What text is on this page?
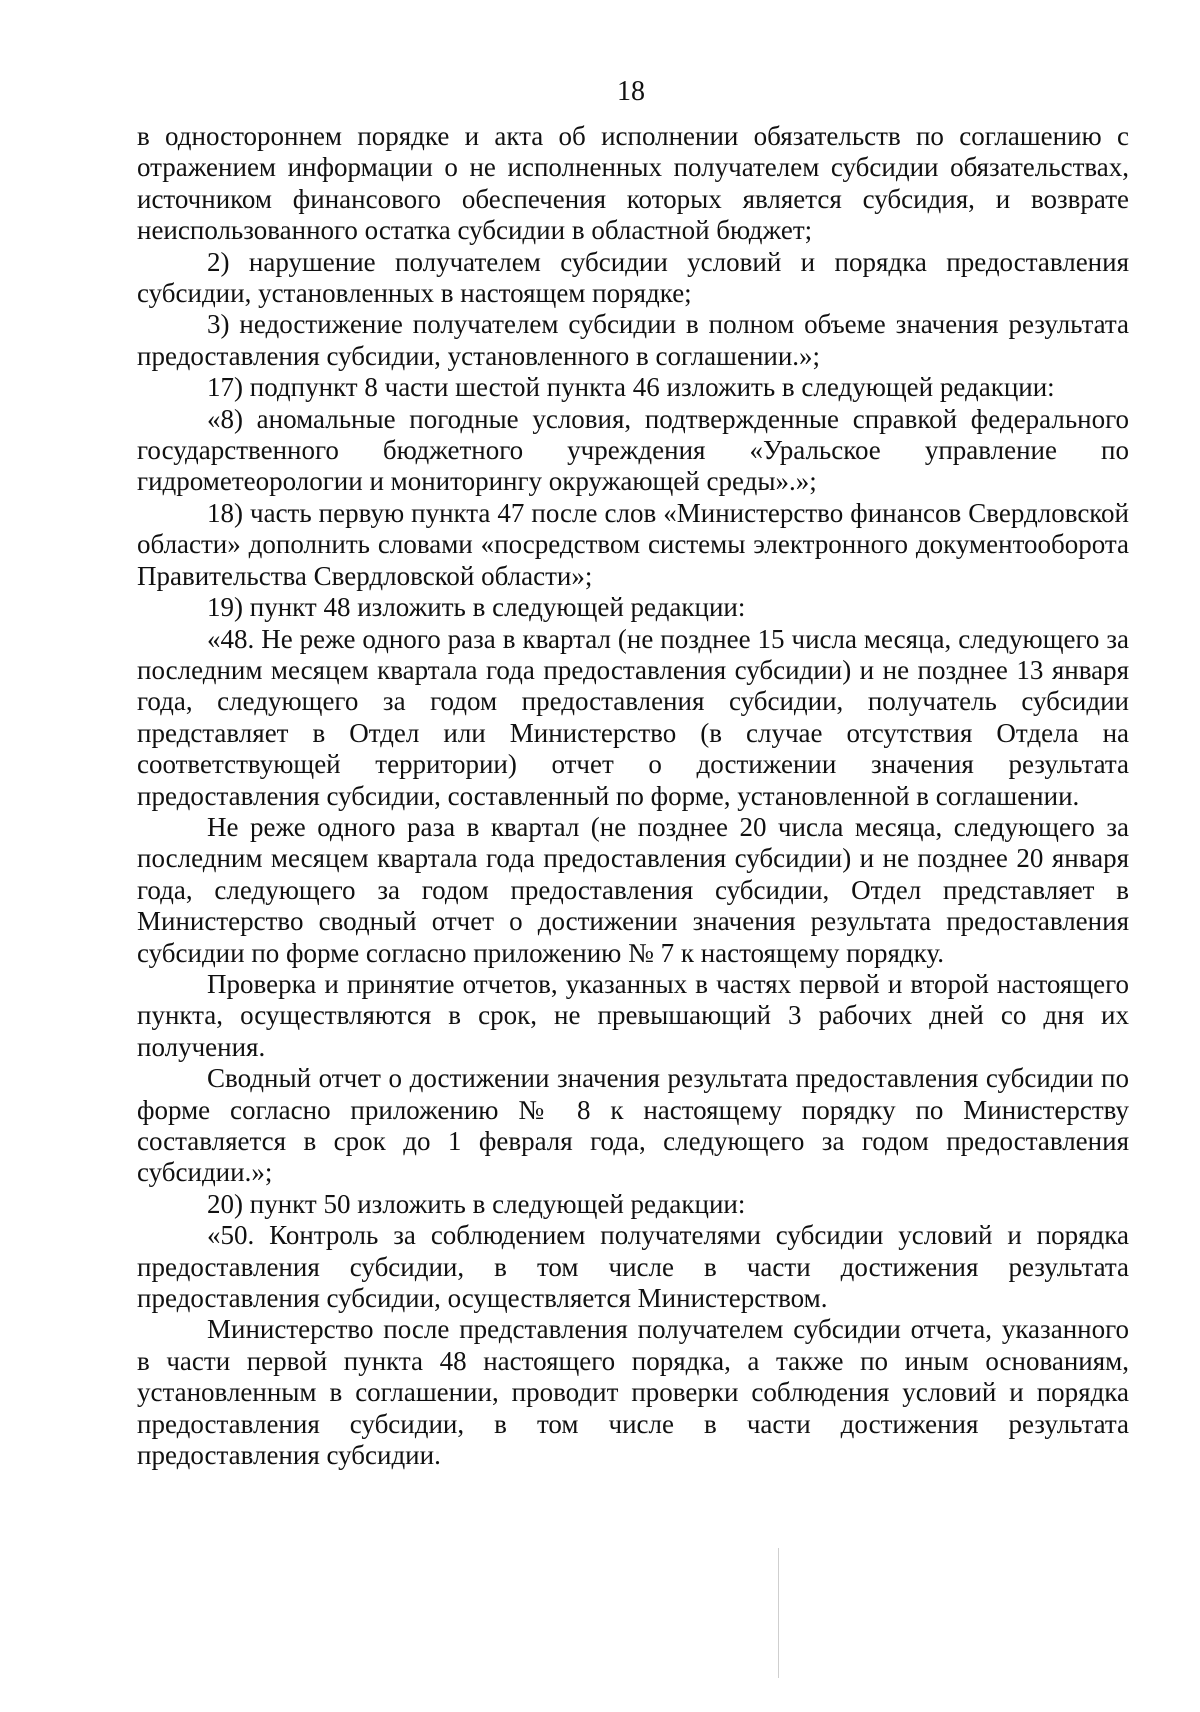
18

в одностороннем порядке и акта об исполнении обязательств по соглашению с отражением информации о не исполненных получателем субсидии обязательствах, источником финансового обеспечения которых является субсидия, и возврате неиспользованного остатка субсидии в областной бюджет;

2) нарушение получателем субсидии условий и порядка предоставления субсидии, установленных в настоящем порядке;

3) недостижение получателем субсидии в полном объеме значения результата предоставления субсидии, установленного в соглашении.»;

17) подпункт 8 части шестой пункта 46 изложить в следующей редакции:

«8) аномальные погодные условия, подтвержденные справкой федерального государственного бюджетного учреждения «Уральское управление по гидрометеорологии и мониторингу окружающей среды».»;

18) часть первую пункта 47 после слов «Министерство финансов Свердловской области» дополнить словами «посредством системы электронного документооборота Правительства Свердловской области»;

19) пункт 48 изложить в следующей редакции:

«48. Не реже одного раза в квартал (не позднее 15 числа месяца, следующего за последним месяцем квартала года предоставления субсидии) и не позднее 13 января года, следующего за годом предоставления субсидии, получатель субсидии представляет в Отдел или Министерство (в случае отсутствия Отдела на соответствующей территории) отчет о достижении значения результата предоставления субсидии, составленный по форме, установленной в соглашении.

Не реже одного раза в квартал (не позднее 20 числа месяца, следующего за последним месяцем квартала года предоставления субсидии) и не позднее 20 января года, следующего за годом предоставления субсидии, Отдел представляет в Министерство сводный отчет о достижении значения результата предоставления субсидии по форме согласно приложению № 7 к настоящему порядку.

Проверка и принятие отчетов, указанных в частях первой и второй настоящего пункта, осуществляются в срок, не превышающий 3 рабочих дней со дня их получения.

Сводный отчет о достижении значения результата предоставления субсидии по форме согласно приложению № 8 к настоящему порядку по Министерству составляется в срок до 1 февраля года, следующего за годом предоставления субсидии.»;

20) пункт 50 изложить в следующей редакции:

«50. Контроль за соблюдением получателями субсидии условий и порядка предоставления субсидии, в том числе в части достижения результата предоставления субсидии, осуществляется Министерством.

Министерство после представления получателем субсидии отчета, указанного в части первой пункта 48 настоящего порядка, а также по иным основаниям, установленным в соглашении, проводит проверки соблюдения условий и порядка предоставления субсидии, в том числе в части достижения результата предоставления субсидии.
